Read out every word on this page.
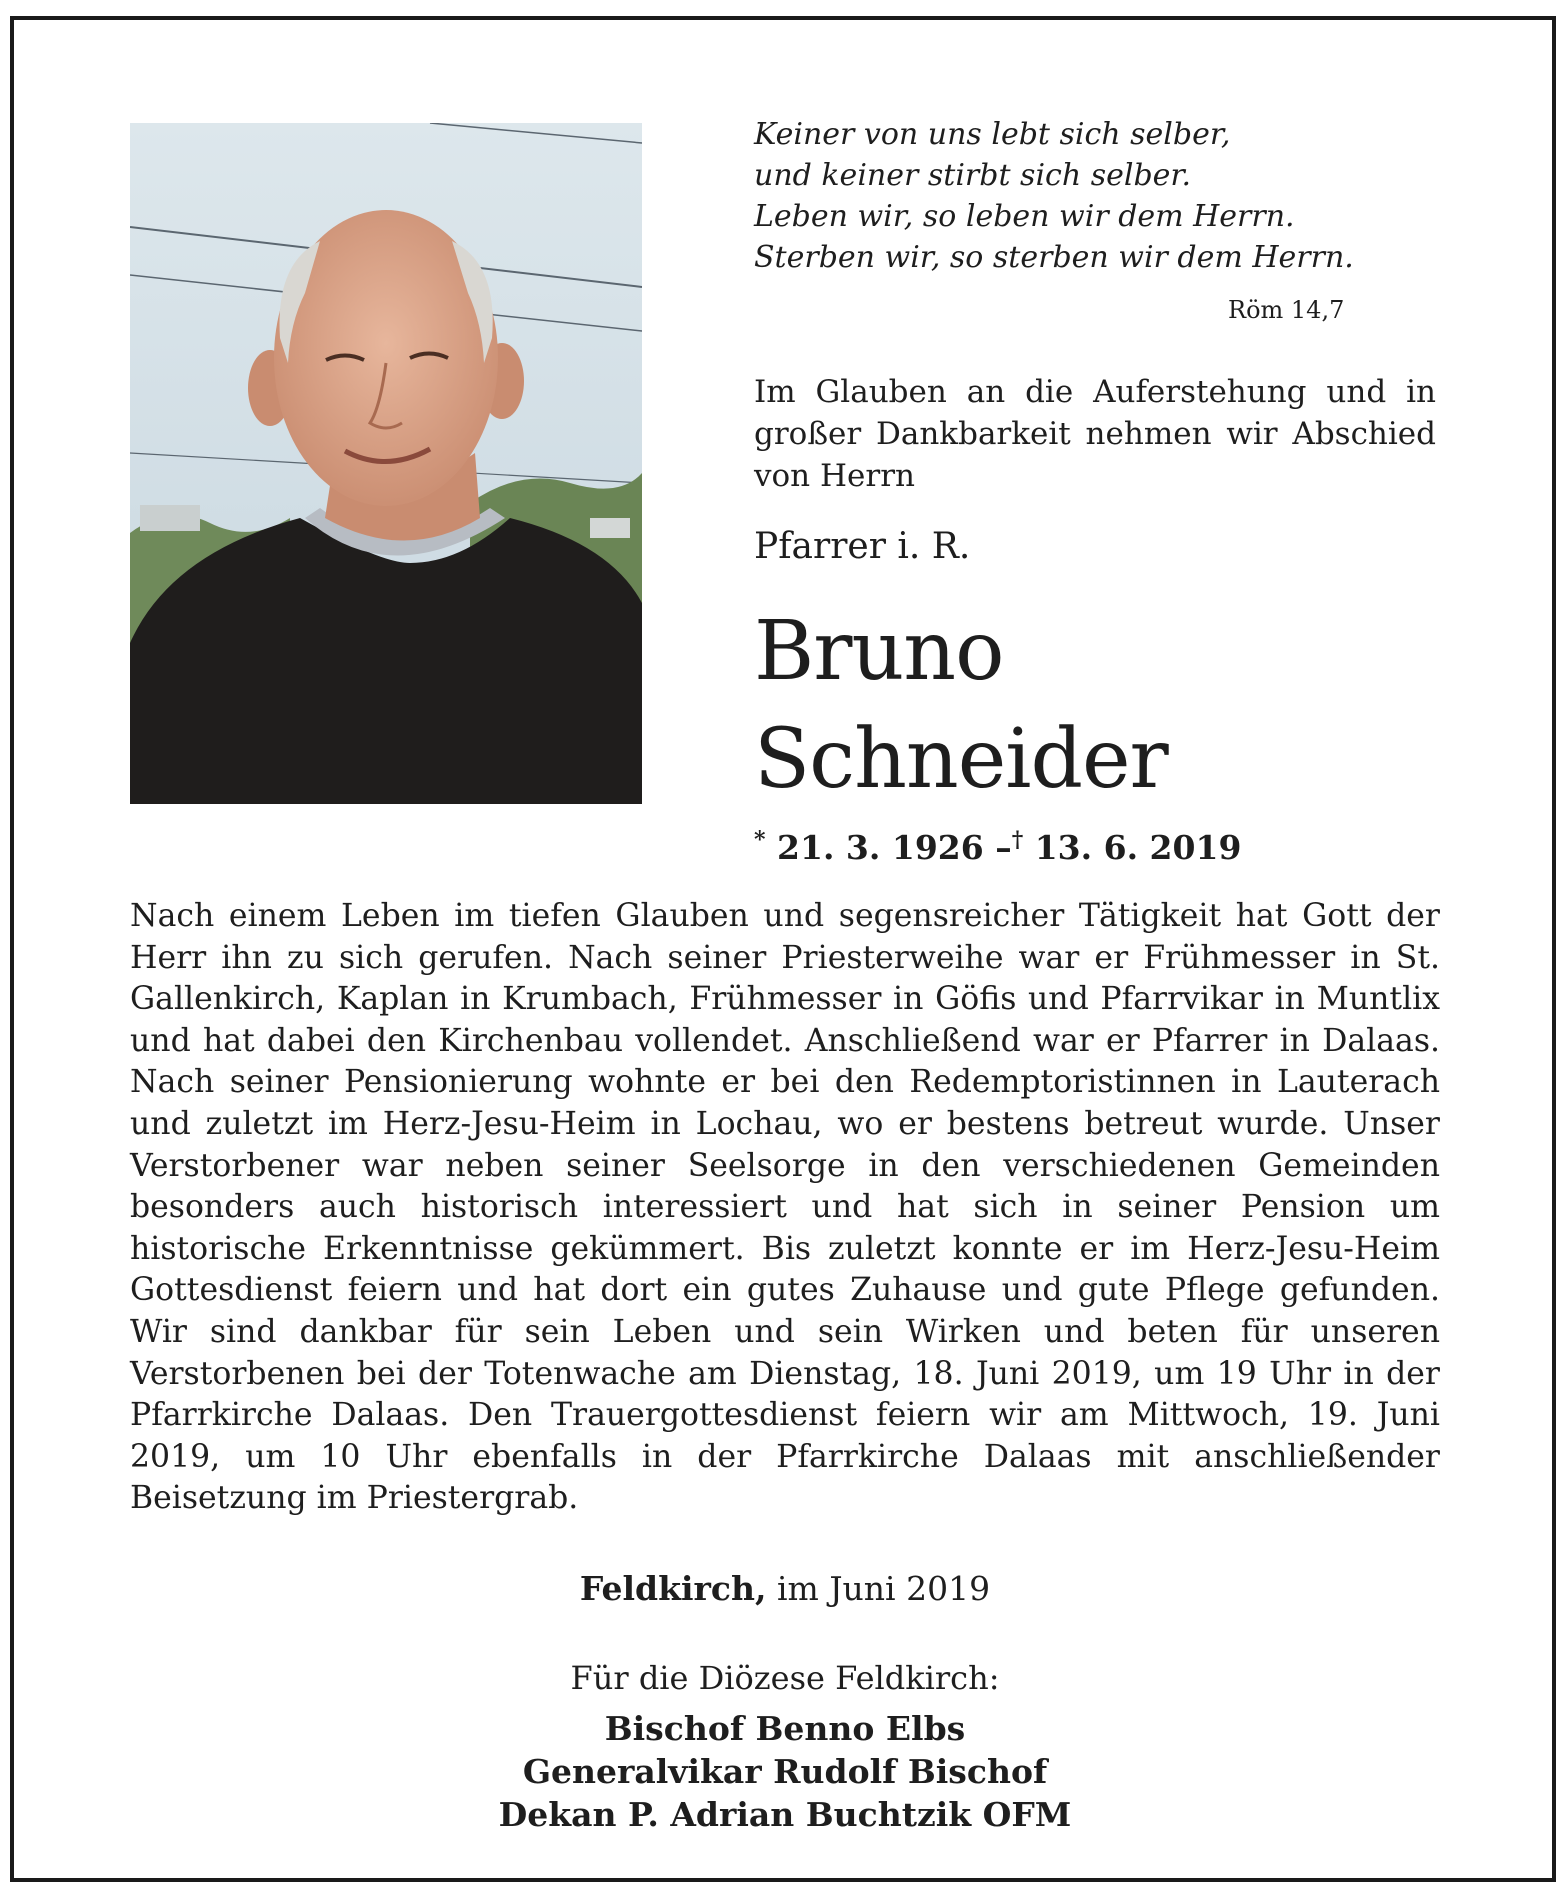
Keiner von uns lebt sich selber,
und keiner stirbt sich selber.
Leben wir, so leben wir dem Herrn.
Sterben wir, so sterben wir dem Herrn.
Röm 14,7
Im Glauben an die Auferstehung und in großer Dankbarkeit nehmen wir Abschied von Herrn
Pfarrer i. R.
Bruno
Schneider
* 21. 3. 1926 –† 13. 6. 2019
Nach einem Leben im tiefen Glauben und segensreicher Tätigkeit hat Gott der Herr ihn zu sich gerufen. Nach seiner Priesterweihe war er Frühmesser in St. Gallenkirch, Kaplan in Krumbach, Frühmesser in Göfis und Pfarrvikar in Muntlix und hat dabei den Kirchenbau vollendet. Anschließend war er Pfarrer in Dalaas. Nach seiner Pensionierung wohnte er bei den Redemptoristinnen in Lauterach und zuletzt im Herz-Jesu-Heim in Lochau, wo er bestens betreut wurde. Unser Verstorbener war neben seiner Seelsorge in den verschiedenen Gemeinden besonders auch historisch interessiert und hat sich in seiner Pension um historische Erkenntnisse gekümmert. Bis zuletzt konnte er im Herz-Jesu-Heim Gottesdienst feiern und hat dort ein gutes Zuhause und gute Pflege gefunden. Wir sind dankbar für sein Leben und sein Wirken und beten für unseren Verstorbenen bei der Totenwache am Dienstag, 18. Juni 2019, um 19 Uhr in der Pfarrkirche Dalaas. Den Trauergottesdienst feiern wir am Mittwoch, 19. Juni 2019, um 10 Uhr ebenfalls in der Pfarrkirche Dalaas mit anschließender Beisetzung im Priestergrab.
Feldkirch, im Juni 2019
Für die Diözese Feldkirch:
Bischof Benno Elbs
Generalvikar Rudolf Bischof
Dekan P. Adrian Buchtzik OFM
